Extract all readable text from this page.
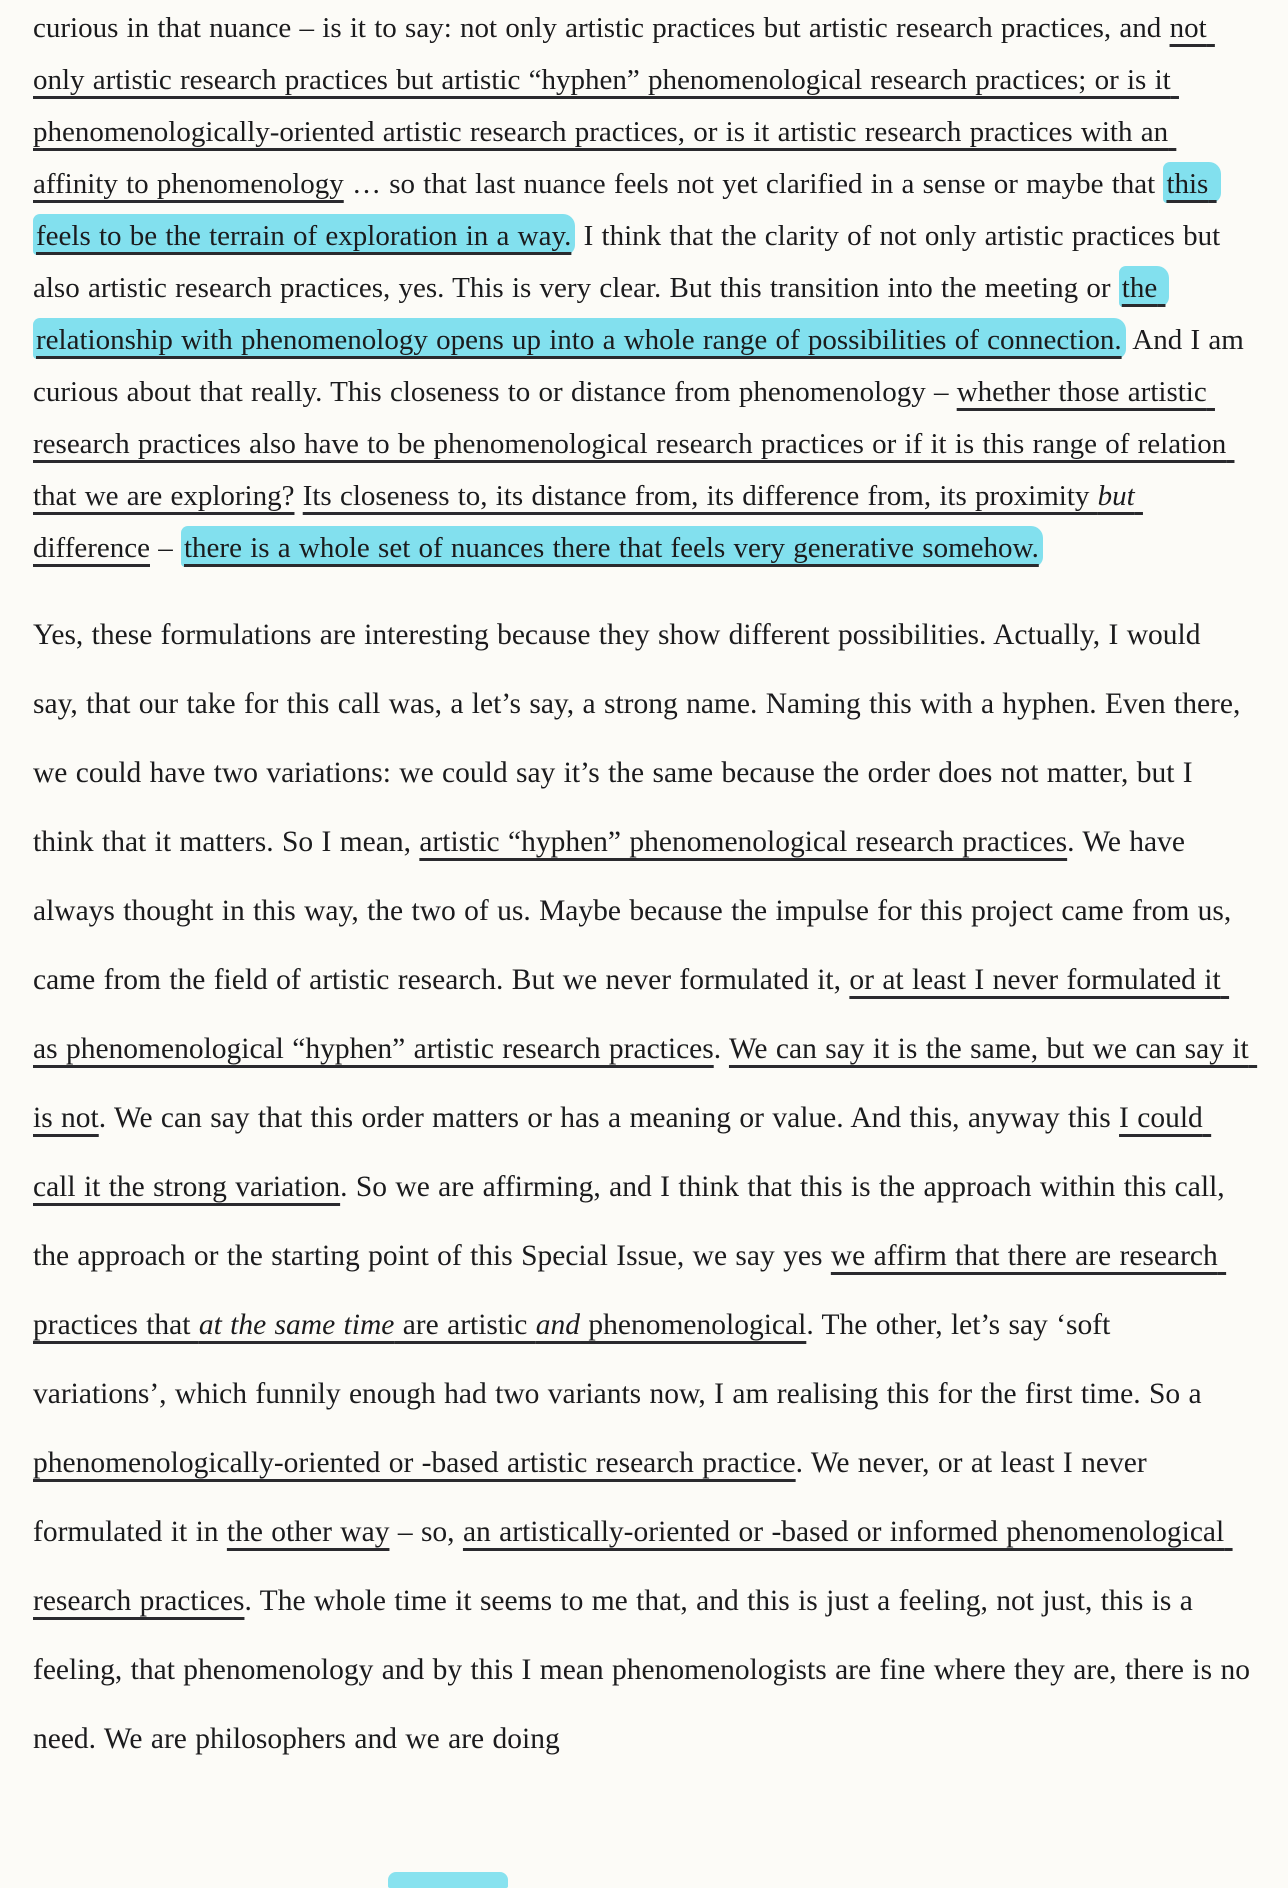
curious in that nuance – is it to say: not only artistic practices but artistic research practices, and not only artistic research practices but artistic “hyphen” phenomenological research practices; or is it phenomenologically-oriented artistic research practices, or is it artistic research practices with an affinity to phenomenology … so that last nuance feels not yet clarified in a sense or maybe that this feels to be the terrain of exploration in a way. I think that the clarity of not only artistic practices but also artistic research practices, yes. This is very clear. But this transition into the meeting or the relationship with phenomenology opens up into a whole range of possibilities of connection. And I am curious about that really. This closeness to or distance from phenomenology – whether those artistic research practices also have to be phenomenological research practices or if it is this range of relation that we are exploring? Its closeness to, its distance from, its difference from, its proximity but difference – there is a whole set of nuances there that feels very generative somehow.

Yes, these formulations are interesting because they show different possibilities. Actually, I would say, that our take for this call was, a let’s say, a strong name. Naming this with a hyphen. Even there, we could have two variations: we could say it’s the same because the order does not matter, but I think that it matters. So I mean, artistic “hyphen” phenomenological research practices. We have always thought in this way, the two of us. Maybe because the impulse for this project came from us, came from the field of artistic research. But we never formulated it, or at least I never formulated it as phenomenological “hyphen” artistic research practices. We can say it is the same, but we can say it is not. We can say that this order matters or has a meaning or value. And this, anyway this I could call it the strong variation. So we are affirming, and I think that this is the approach within this call, the approach or the starting point of this Special Issue, we say yes we affirm that there are research practices that at the same time are artistic and phenomenological. The other, let’s say ‘soft variations’, which funnily enough had two variants now, I am realising this for the first time. So a phenomenologically-oriented or -based artistic research practice. We never, or at least I never formulated it in the other way – so, an artistically-oriented or -based or informed phenomenological research practices. The whole time it seems to me that, and this is just a feeling, not just, this is a feeling, that phenomenology and by this I mean phenomenologists are fine where they are, there is no need. We are philosophers and we are doing
